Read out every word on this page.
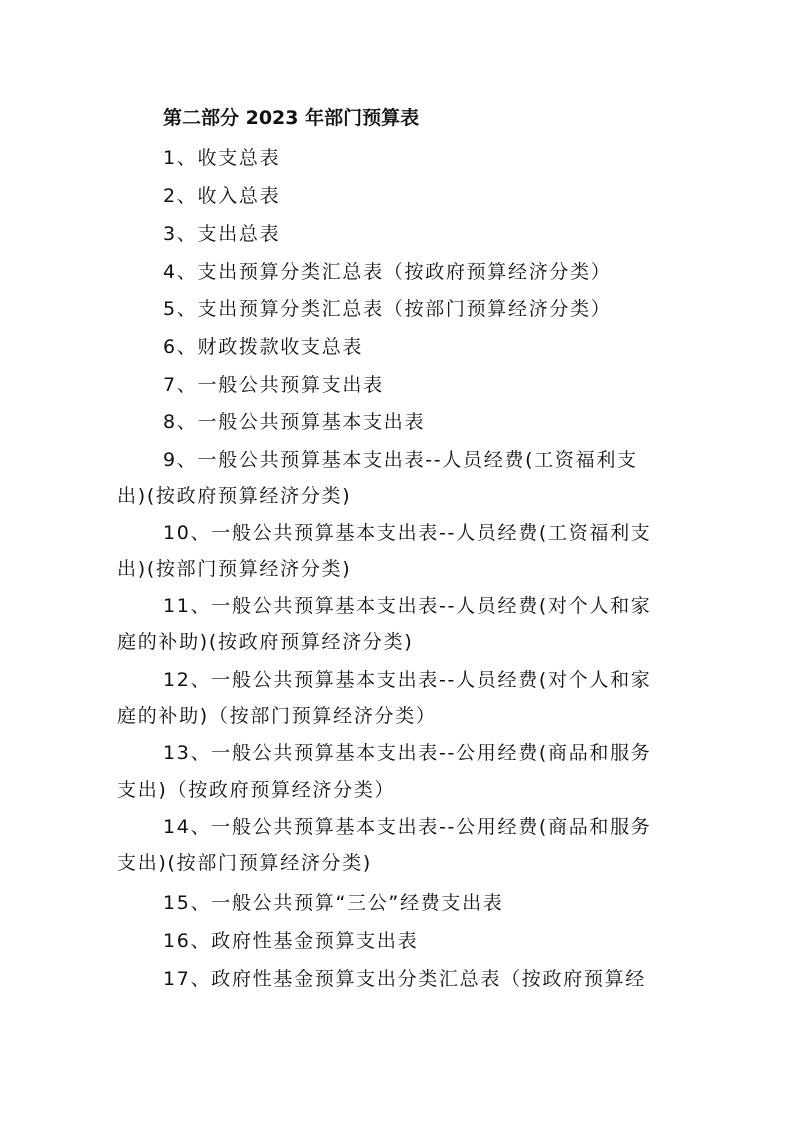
第二部分 2023 年部门预算表
1、收支总表
2、收入总表
3、支出总表
4、支出预算分类汇总表（按政府预算经济分类）
5、支出预算分类汇总表（按部门预算经济分类）
6、财政拨款收支总表
7、一般公共预算支出表
8、一般公共预算基本支出表
9、一般公共预算基本支出表--人员经费(工资福利支
出)(按政府预算经济分类)
10、一般公共预算基本支出表--人员经费(工资福利支
出)(按部门预算经济分类)
11、一般公共预算基本支出表--人员经费(对个人和家
庭的补助)(按政府预算经济分类)
12、一般公共预算基本支出表--人员经费(对个人和家
庭的补助)（按部门预算经济分类）
13、一般公共预算基本支出表--公用经费(商品和服务
支出)（按政府预算经济分类）
14、一般公共预算基本支出表--公用经费(商品和服务
支出)(按部门预算经济分类)
15、一般公共预算“三公”经费支出表
16、政府性基金预算支出表
17、政府性基金预算支出分类汇总表（按政府预算经
